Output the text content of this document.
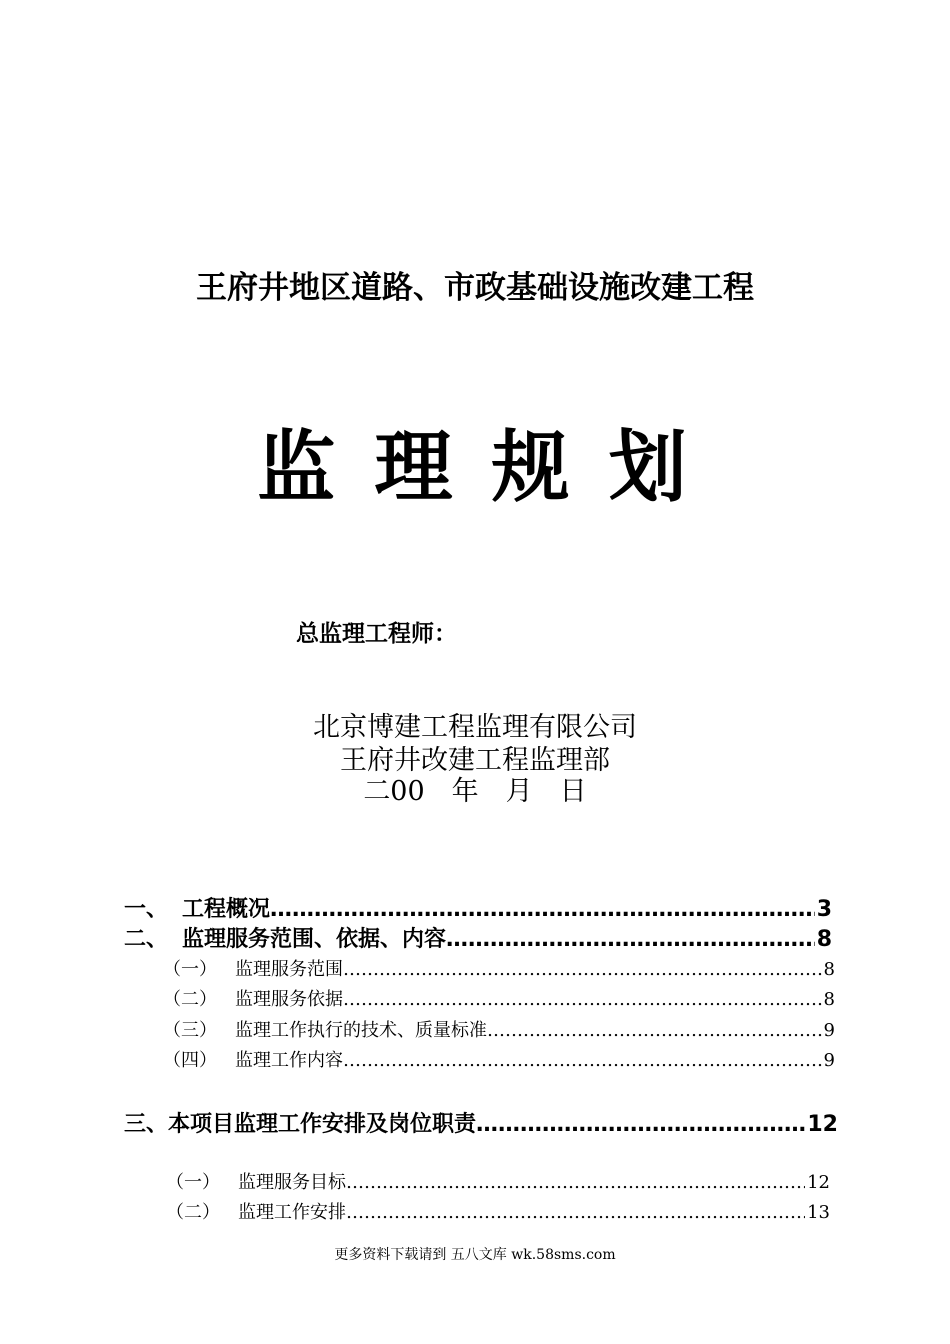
王府井地区道路、市政基础设施改建工程
监 理 规 划
总监理工程师：
北京博建工程监理有限公司
王府井改建工程监理部
二00　年　月　日
一、 工程概况 ……………………………………………………………………………………………………………………………………………………	3
二、 监理服务范围、依据、内容 ……………………………………………………………………………………………………………………………………………………	8
（一）	监理服务范围 ……………………………………………………………………………………………………………………………………………………	8
（二）	监理服务依据 ……………………………………………………………………………………………………………………………………………………	8
（三）	监理工作执行的技术、质量标准 ……………………………………………………………………………………………………………………………………………………	9
（四）	监理工作内容 ……………………………………………………………………………………………………………………………………………………	9
三、 本项目监理工作安排及岗位职责 ……………………………………………………………………………………………………………………………………………………	12
（一）	监理服务目标 ……………………………………………………………………………………………………………………………………………………	12
（二）	监理工作安排 ……………………………………………………………………………………………………………………………………………………	13
更多资料下载请到 五八文库 wk.58sms.com
